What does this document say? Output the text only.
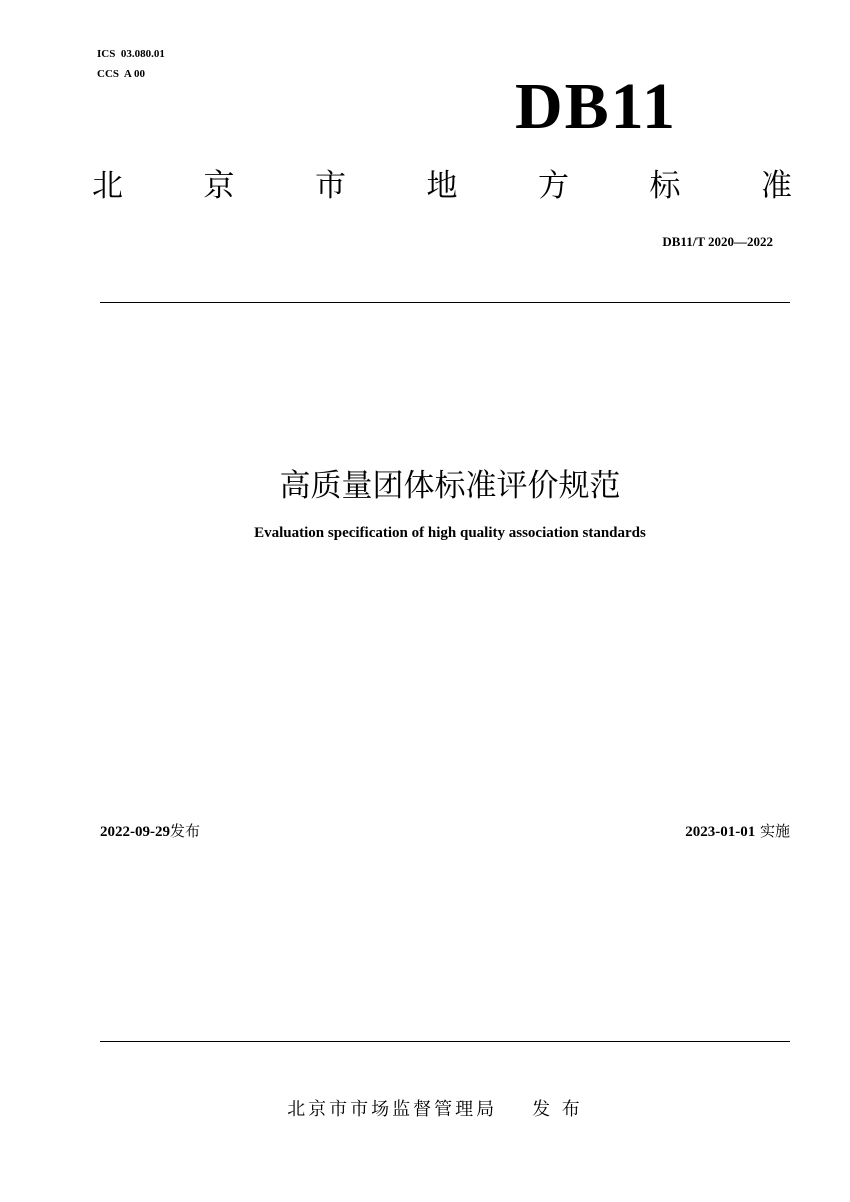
ICS  03.080.01
CCS  A 00	DB11
北	京	市	地	方	标	准
DB11/T 2020—2022
高质量团体标准评价规范
Evaluation specification of high quality association standards
2022-09-29发布	2023-01-01 实施
北京市市场监督管理局 发 布
